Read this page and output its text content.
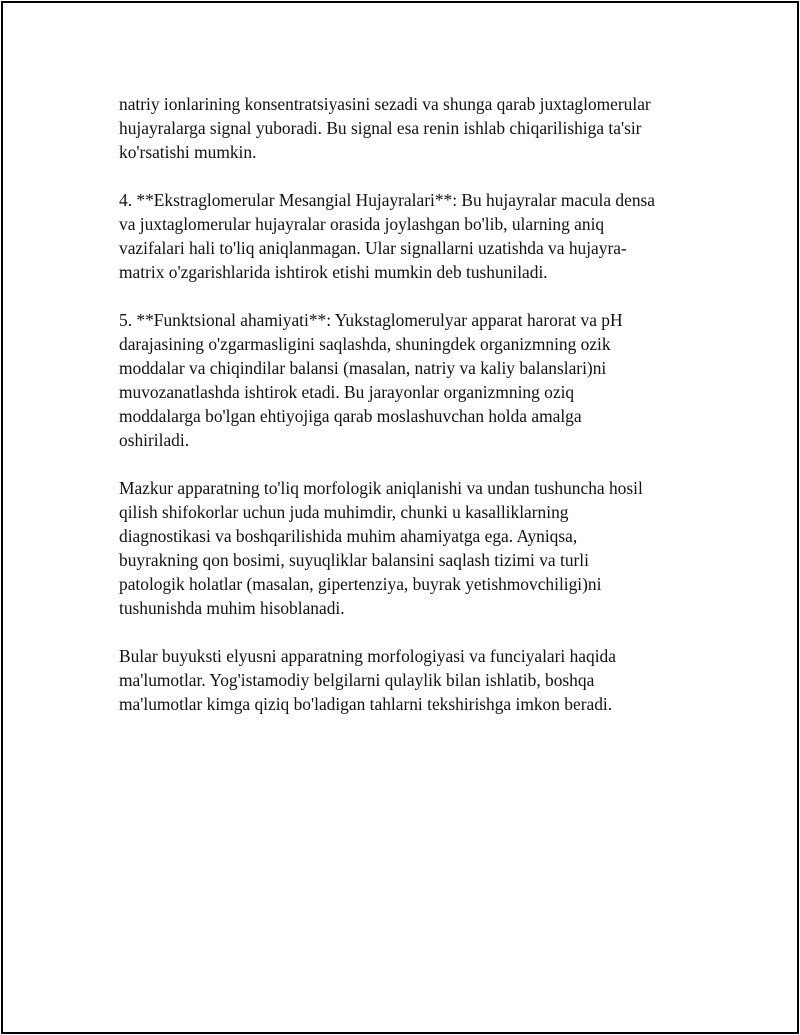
natriy ionlarining konsentratsiyasini sezadi va shunga qarab juxtaglomerular
hujayralarga signal yuboradi. Bu signal esa renin ishlab chiqarilishiga ta'sir
ko'rsatishi mumkin.

4. **Ekstraglomerular Mesangial Hujayralari**: Bu hujayralar macula densa
va juxtaglomerular hujayralar orasida joylashgan bo'lib, ularning aniq
vazifalari hali to'liq aniqlanmagan. Ular signallarni uzatishda va hujayra-
matrix o'zgarishlarida ishtirok etishi mumkin deb tushuniladi.

5. **Funktsional ahamiyati**: Yukstaglomerulyar apparat harorat va pH
darajasining o'zgarmasligini saqlashda, shuningdek organizmning ozik
moddalar va chiqindilar balansi (masalan, natriy va kaliy balanslari)ni
muvozanatlashda ishtirok etadi. Bu jarayonlar organizmning oziq
moddalarga bo'lgan ehtiyojiga qarab moslashuvchan holda amalga
oshiriladi.

Mazkur apparatning to'liq morfologik aniqlanishi va undan tushuncha hosil
qilish shifokorlar uchun juda muhimdir, chunki u kasalliklarning
diagnostikasi va boshqarilishida muhim ahamiyatga ega. Ayniqsa,
buyrakning qon bosimi, suyuqliklar balansini saqlash tizimi va turli
patologik holatlar (masalan, gipertenziya, buyrak yetishmovchiligi)ni
tushunishda muhim hisoblanadi.

Bular buyuksti elyusni apparatning morfologiyasi va funciyalari haqida
ma'lumotlar. Yog'istamodiy belgilarni qulaylik bilan ishlatib, boshqa
ma'lumotlar kimga qiziq bo'ladigan tahlarni tekshirishga imkon beradi.
